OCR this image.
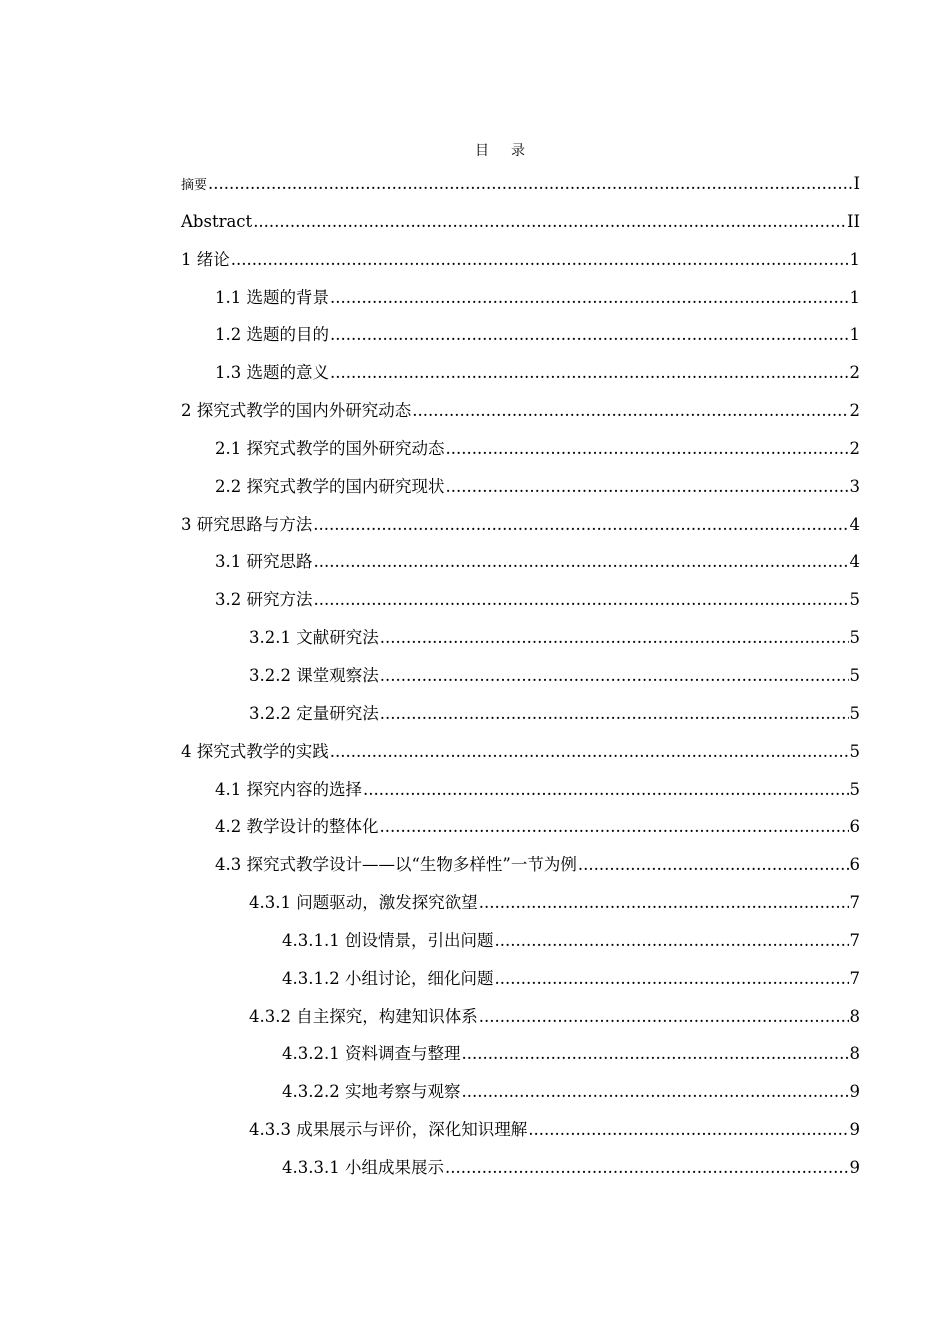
目录
摘要 .....	I
Abstract .....	II
1 绪论 .....	1
1.1 选题的背景 .....	1
1.2 选题的目的 .....	1
1.3 选题的意义 .....	2
2 探究式教学的国内外研究动态 .....	2
2.1 探究式教学的国外研究动态 .....	2
2.2 探究式教学的国内研究现状 .....	3
3 研究思路与方法 .....	4
3.1 研究思路 .....	4
3.2 研究方法 .....	5
3.2.1 文献研究法 .....	5
3.2.2 课堂观察法 .....	5
3.2.2 定量研究法 .....	5
4 探究式教学的实践 .....	5
4.1 探究内容的选择 .....	5
4.2 教学设计的整体化 .....	6
4.3 探究式教学设计——以“生物多样性”一节为例 .....	6
4.3.1 问题驱动，激发探究欲望 .....	7
4.3.1.1 创设情景，引出问题 .....	7
4.3.1.2 小组讨论，细化问题 .....	7
4.3.2 自主探究，构建知识体系 .....	8
4.3.2.1 资料调查与整理 .....	8
4.3.2.2 实地考察与观察 .....	9
4.3.3 成果展示与评价，深化知识理解 .....	9
4.3.3.1 小组成果展示 .....	9
